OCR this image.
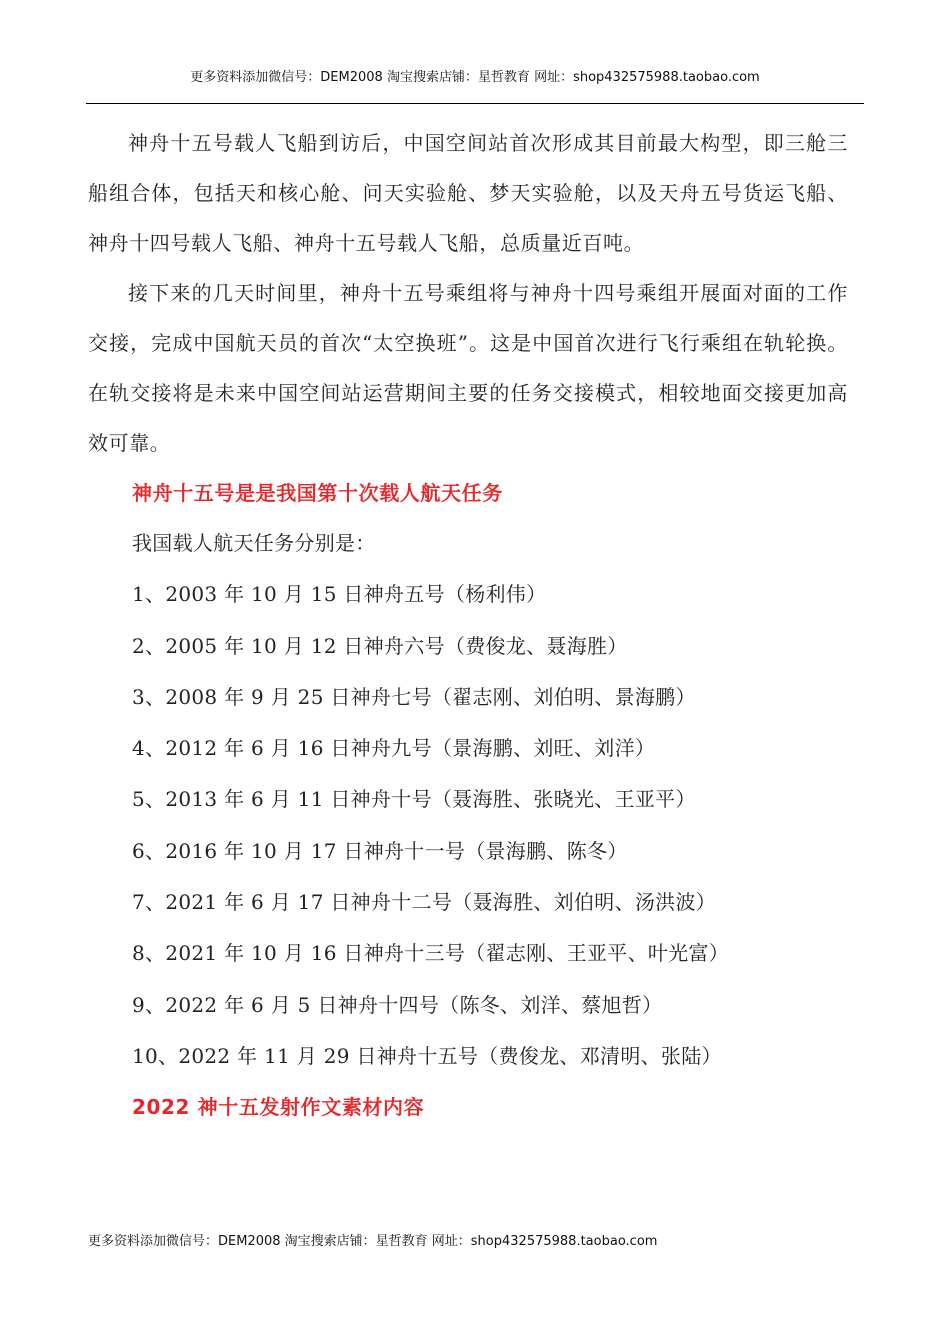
更多资料添加微信号：DEM2008 淘宝搜索店铺：星哲教育 网址：shop432575988.taobao.com

神舟十五号载人飞船到访后，中国空间站首次形成其目前最大构型，即三舱三船组合体，包括天和核心舱、问天实验舱、梦天实验舱，以及天舟五号货运飞船、神舟十四号载人飞船、神舟十五号载人飞船，总质量近百吨。

接下来的几天时间里，神舟十五号乘组将与神舟十四号乘组开展面对面的工作交接，完成中国航天员的首次“太空换班”。这是中国首次进行飞行乘组在轨轮换。在轨交接将是未来中国空间站运营期间主要的任务交接模式，相较地面交接更加高效可靠。

神舟十五号是是我国第十次载人航天任务

我国载人航天任务分别是：

1、2003 年 10 月 15 日神舟五号（杨利伟）

2、2005 年 10 月 12 日神舟六号（费俊龙、聂海胜）

3、2008 年 9 月 25 日神舟七号（翟志刚、刘伯明、景海鹏）

4、2012 年 6 月 16 日神舟九号（景海鹏、刘旺、刘洋）

5、2013 年 6 月 11 日神舟十号（聂海胜、张晓光、王亚平）

6、2016 年 10 月 17 日神舟十一号（景海鹏、陈冬）

7、2021 年 6 月 17 日神舟十二号（聂海胜、刘伯明、汤洪波）

8、2021 年 10 月 16 日神舟十三号（翟志刚、王亚平、叶光富）

9、2022 年 6 月 5 日神舟十四号（陈冬、刘洋、蔡旭哲）

10、2022 年 11 月 29 日神舟十五号（费俊龙、邓清明、张陆）

2022 神十五发射作文素材内容

更多资料添加微信号：DEM2008 淘宝搜索店铺：星哲教育 网址：shop432575988.taobao.com
